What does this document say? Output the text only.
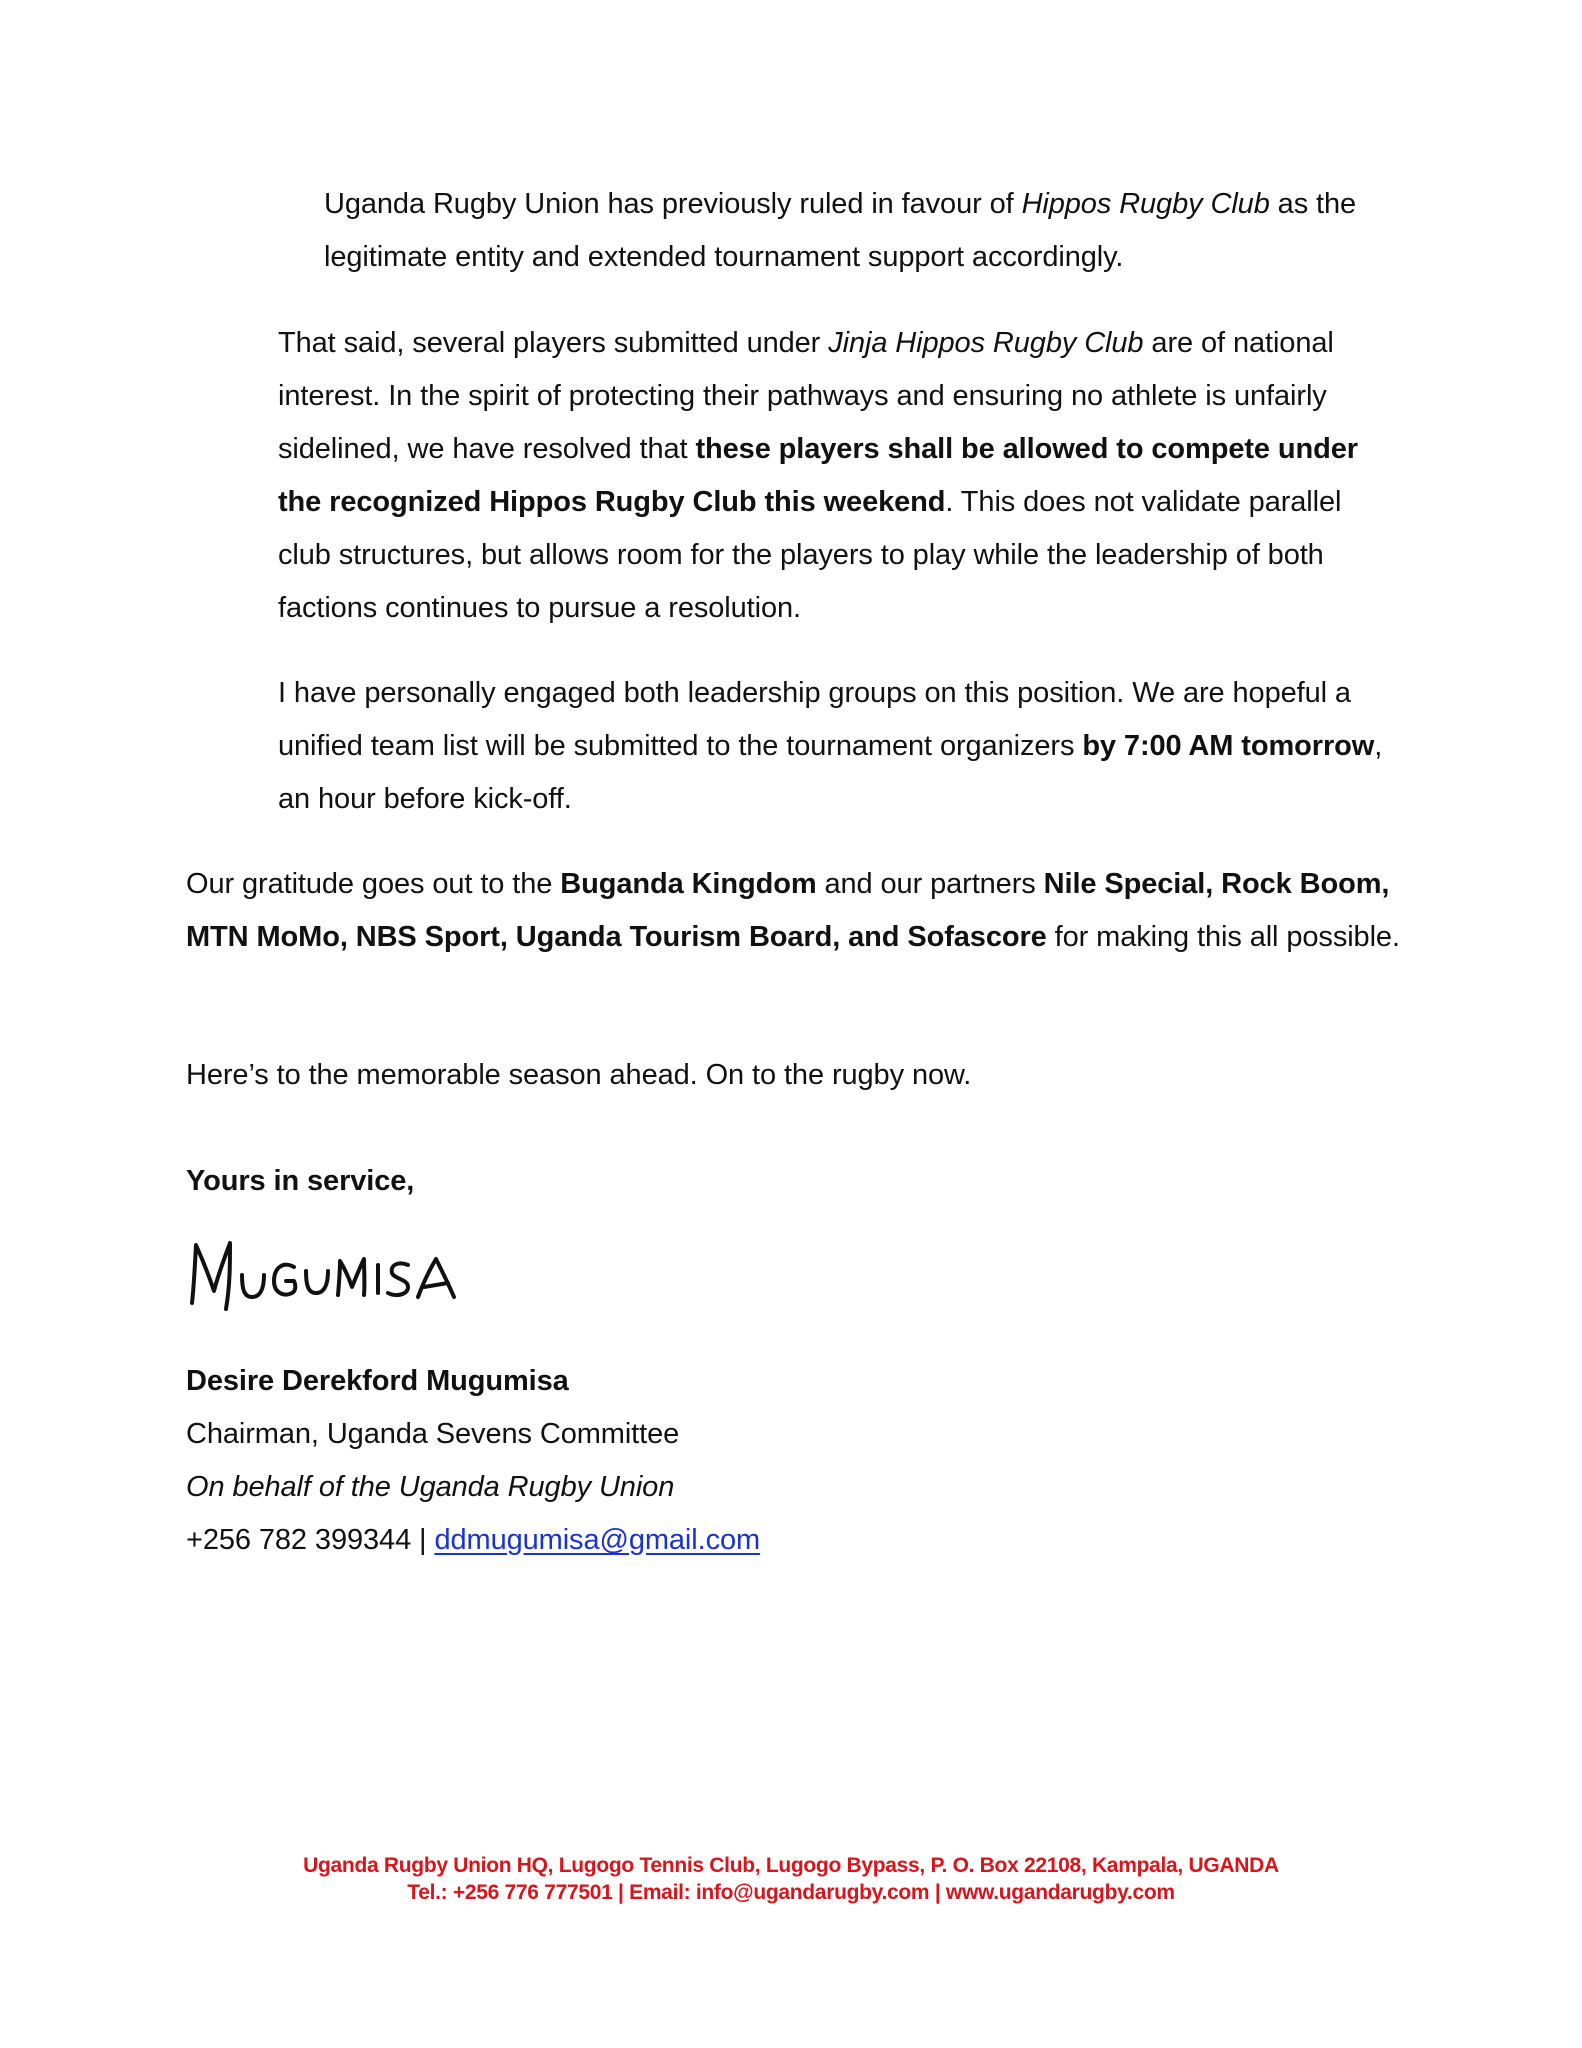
Uganda Rugby Union has previously ruled in favour of Hippos Rugby Club as the legitimate entity and extended tournament support accordingly.

That said, several players submitted under Jinja Hippos Rugby Club are of national interest. In the spirit of protecting their pathways and ensuring no athlete is unfairly sidelined, we have resolved that these players shall be allowed to compete under the recognized Hippos Rugby Club this weekend. This does not validate parallel club structures, but allows room for the players to play while the leadership of both factions continues to pursue a resolution.

I have personally engaged both leadership groups on this position. We are hopeful a unified team list will be submitted to the tournament organizers by 7:00 AM tomorrow, an hour before kick-off.

Our gratitude goes out to the Buganda Kingdom and our partners Nile Special, Rock Boom, MTN MoMo, NBS Sport, Uganda Tourism Board, and Sofascore for making this all possible.

Here’s to the memorable season ahead. On to the rugby now.

Yours in service,

Desire Derekford Mugumisa
Chairman, Uganda Sevens Committee
On behalf of the Uganda Rugby Union
+256 782 399344 | ddmugumisa@gmail.com
Uganda Rugby Union HQ, Lugogo Tennis Club, Lugogo Bypass, P. O. Box 22108, Kampala, UGANDA
Tel.: +256 776 777501 | Email: info@ugandarugby.com | www.ugandarugby.com
